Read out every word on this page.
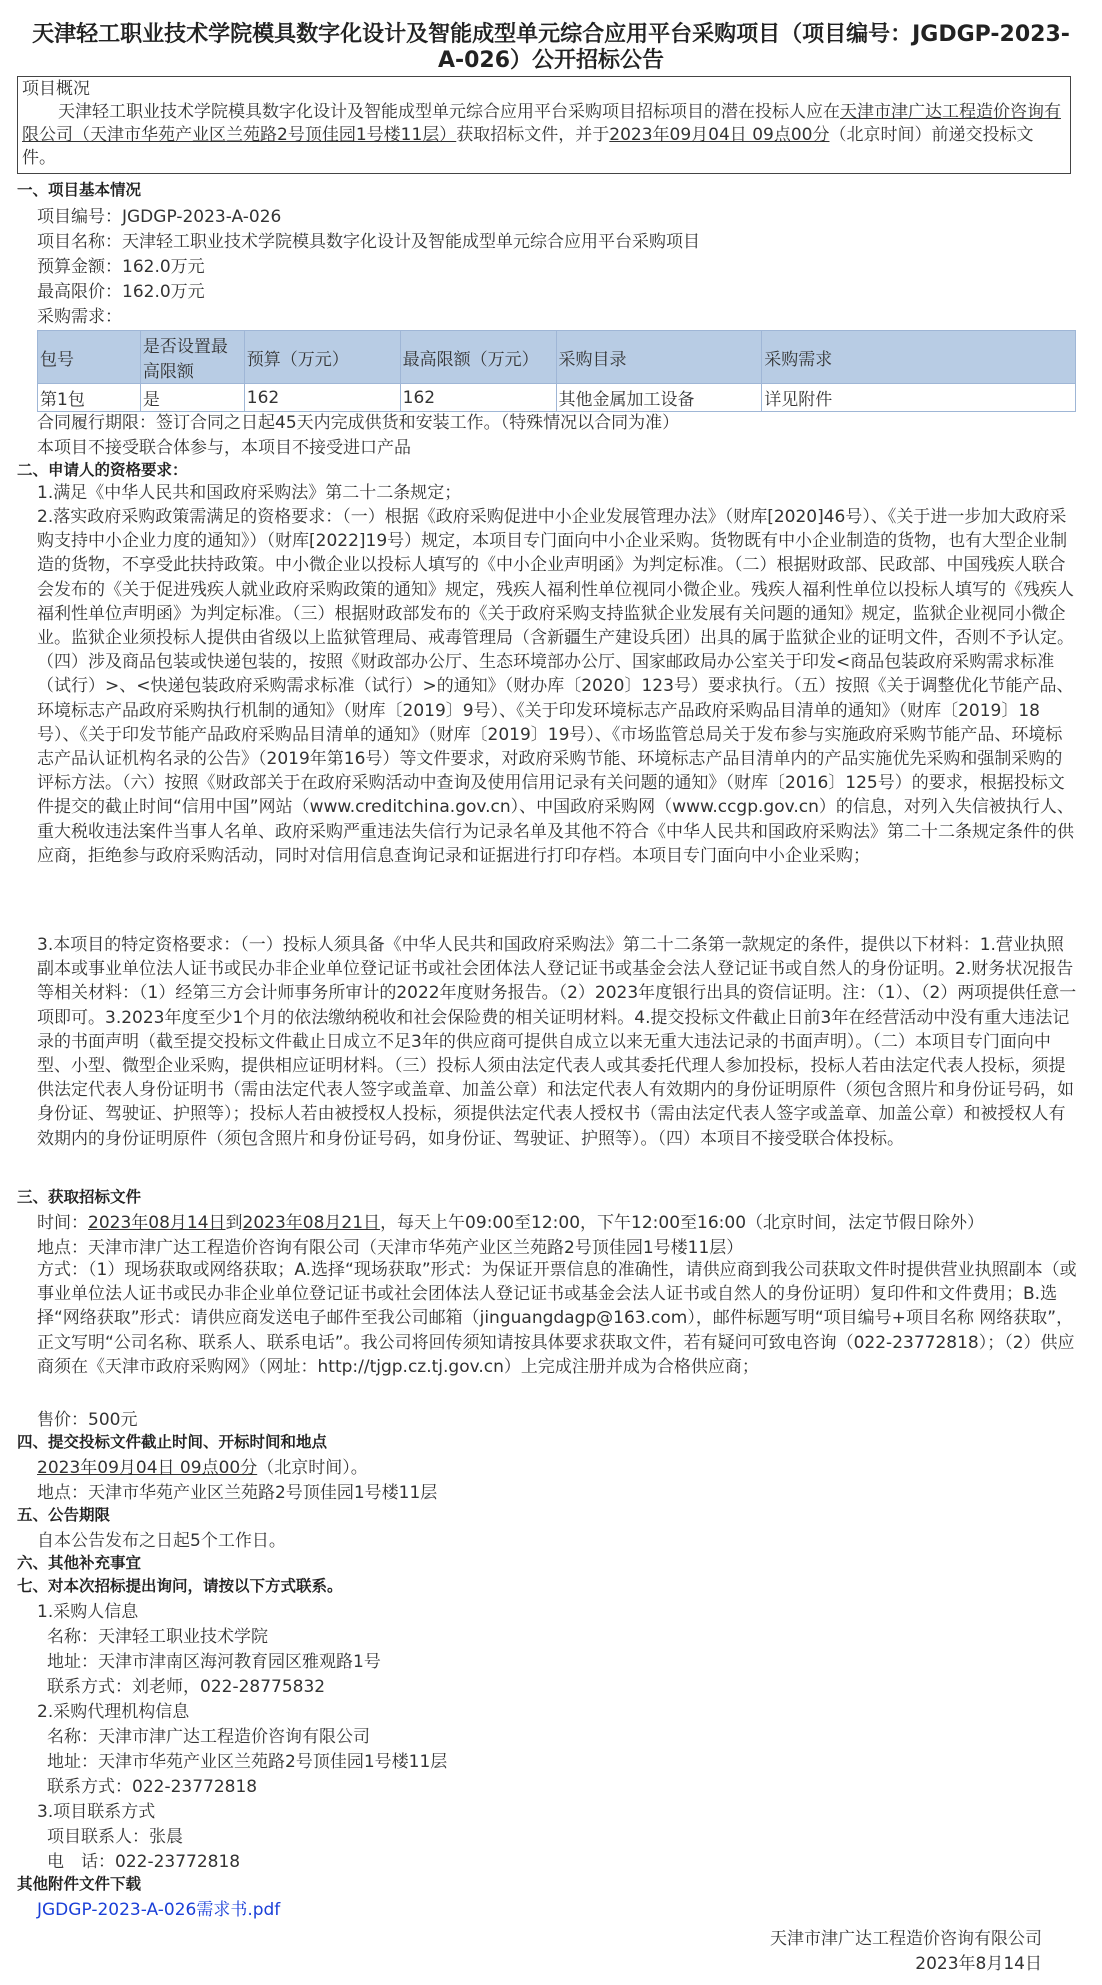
天津轻工职业技术学院模具数字化设计及智能成型单元综合应用平台采购项目（项目编号：JGDGP-2023-A-026）公开招标公告
项目概况
天津轻工职业技术学院模具数字化设计及智能成型单元综合应用平台采购项目招标项目的潜在投标人应在天津市津广达工程造价咨询有限公司（天津市华苑产业区兰苑路2号顶佳园1号楼11层）获取招标文件，并于2023年09月04日 09点00分（北京时间）前递交投标文件。
一、项目基本情况
项目编号：JGDGP-2023-A-026
项目名称：天津轻工职业技术学院模具数字化设计及智能成型单元综合应用平台采购项目
预算金额：162.0万元
最高限价：162.0万元
采购需求：
包号	是否设置最高限额	预算（万元）	最高限额（万元）	采购目录	采购需求
第1包	是	162	162	其他金属加工设备	详见附件
合同履行期限：签订合同之日起45天内完成供货和安装工作。（特殊情况以合同为准）
本项目不接受联合体参与，本项目不接受进口产品
二、申请人的资格要求：
1.满足《中华人民共和国政府采购法》第二十二条规定；
2.落实政府采购政策需满足的资格要求：（一）根据《政府采购促进中小企业发展管理办法》（财库[2020]46号）、《关于进一步加大政府采购支持中小企业力度的通知》）（财库[2022]19号）规定，本项目专门面向中小企业采购。货物既有中小企业制造的货物，也有大型企业制造的货物，不享受此扶持政策。中小微企业以投标人填写的《中小企业声明函》为判定标准。（二）根据财政部、民政部、中国残疾人联合会发布的《关于促进残疾人就业政府采购政策的通知》规定，残疾人福利性单位视同小微企业。残疾人福利性单位以投标人填写的《残疾人福利性单位声明函》为判定标准。（三）根据财政部发布的《关于政府采购支持监狱企业发展有关问题的通知》规定，监狱企业视同小微企业。监狱企业须投标人提供由省级以上监狱管理局、戒毒管理局（含新疆生产建设兵团）出具的属于监狱企业的证明文件，否则不予认定。（四）涉及商品包装或快递包装的，按照《财政部办公厅、生态环境部办公厅、国家邮政局办公室关于印发<商品包装政府采购需求标准（试行）>、<快递包装政府采购需求标准（试行）>的通知》（财办库〔2020〕123号）要求执行。（五）按照《关于调整优化节能产品、环境标志产品政府采购执行机制的通知》（财库〔2019〕9号）、《关于印发环境标志产品政府采购品目清单的通知》（财库〔2019〕18号）、《关于印发节能产品政府采购品目清单的通知》（财库〔2019〕19号）、《市场监管总局关于发布参与实施政府采购节能产品、环境标志产品认证机构名录的公告》（2019年第16号）等文件要求，对政府采购节能、环境标志产品目清单内的产品实施优先采购和强制采购的评标方法。（六）按照《财政部关于在政府采购活动中查询及使用信用记录有关问题的通知》（财库〔2016〕125号）的要求，根据投标文件提交的截止时间“信用中国”网站（www.creditchina.gov.cn）、中国政府采购网（www.ccgp.gov.cn）的信息，对列入失信被执行人、重大税收违法案件当事人名单、政府采购严重违法失信行为记录名单及其他不符合《中华人民共和国政府采购法》第二十二条规定条件的供应商，拒绝参与政府采购活动，同时对信用信息查询记录和证据进行打印存档。本项目专门面向中小企业采购；
3.本项目的特定资格要求：（一）投标人须具备《中华人民共和国政府采购法》第二十二条第一款规定的条件，提供以下材料：1.营业执照副本或事业单位法人证书或民办非企业单位登记证书或社会团体法人登记证书或基金会法人登记证书或自然人的身份证明。2.财务状况报告等相关材料：（1）经第三方会计师事务所审计的2022年度财务报告。（2）2023年度银行出具的资信证明。注：（1）、（2）两项提供任意一项即可。3.2023年度至少1个月的依法缴纳税收和社会保险费的相关证明材料。4.提交投标文件截止日前3年在经营活动中没有重大违法记录的书面声明（截至提交投标文件截止日成立不足3年的供应商可提供自成立以来无重大违法记录的书面声明）。（二）本项目专门面向中型、小型、微型企业采购，提供相应证明材料。（三）投标人须由法定代表人或其委托代理人参加投标，投标人若由法定代表人投标，须提供法定代表人身份证明书（需由法定代表人签字或盖章、加盖公章）和法定代表人有效期内的身份证明原件（须包含照片和身份证号码，如身份证、驾驶证、护照等）；投标人若由被授权人投标，须提供法定代表人授权书（需由法定代表人签字或盖章、加盖公章）和被授权人有效期内的身份证明原件（须包含照片和身份证号码，如身份证、驾驶证、护照等）。（四）本项目不接受联合体投标。
三、获取招标文件
时间：2023年08月14日到2023年08月21日，每天上午09:00至12:00，下午12:00至16:00（北京时间，法定节假日除外）
地点：天津市津广达工程造价咨询有限公司（天津市华苑产业区兰苑路2号顶佳园1号楼11层）
方式：（1）现场获取或网络获取；A.选择“现场获取”形式：为保证开票信息的准确性，请供应商到我公司获取文件时提供营业执照副本（或事业单位法人证书或民办非企业单位登记证书或社会团体法人登记证书或基金会法人证书或自然人的身份证明）复印件和文件费用；B.选择“网络获取”形式：请供应商发送电子邮件至我公司邮箱（jinguangdagp@163.com），邮件标题写明“项目编号+项目名称 网络获取”，正文写明“公司名称、联系人、联系电话”。我公司将回传须知请按具体要求获取文件，若有疑问可致电咨询（022-23772818）；（2）供应商须在《天津市政府采购网》（网址：http://tjgp.cz.tj.gov.cn）上完成注册并成为合格供应商；
售价：500元
四、提交投标文件截止时间、开标时间和地点
2023年09月04日 09点00分（北京时间）。
地点：天津市华苑产业区兰苑路2号顶佳园1号楼11层
五、公告期限
自本公告发布之日起5个工作日。
六、其他补充事宜
七、对本次招标提出询问，请按以下方式联系。
1.采购人信息
名称：天津轻工职业技术学院
地址：天津市津南区海河教育园区雅观路1号
联系方式：刘老师，022-28775832
2.采购代理机构信息
名称：天津市津广达工程造价咨询有限公司
地址：天津市华苑产业区兰苑路2号顶佳园1号楼11层
联系方式：022-23772818
3.项目联系方式
项目联系人：张晨
电　话：022-23772818
其他附件文件下载
JGDGP-2023-A-026需求书.pdf
天津市津广达工程造价咨询有限公司
2023年8月14日
